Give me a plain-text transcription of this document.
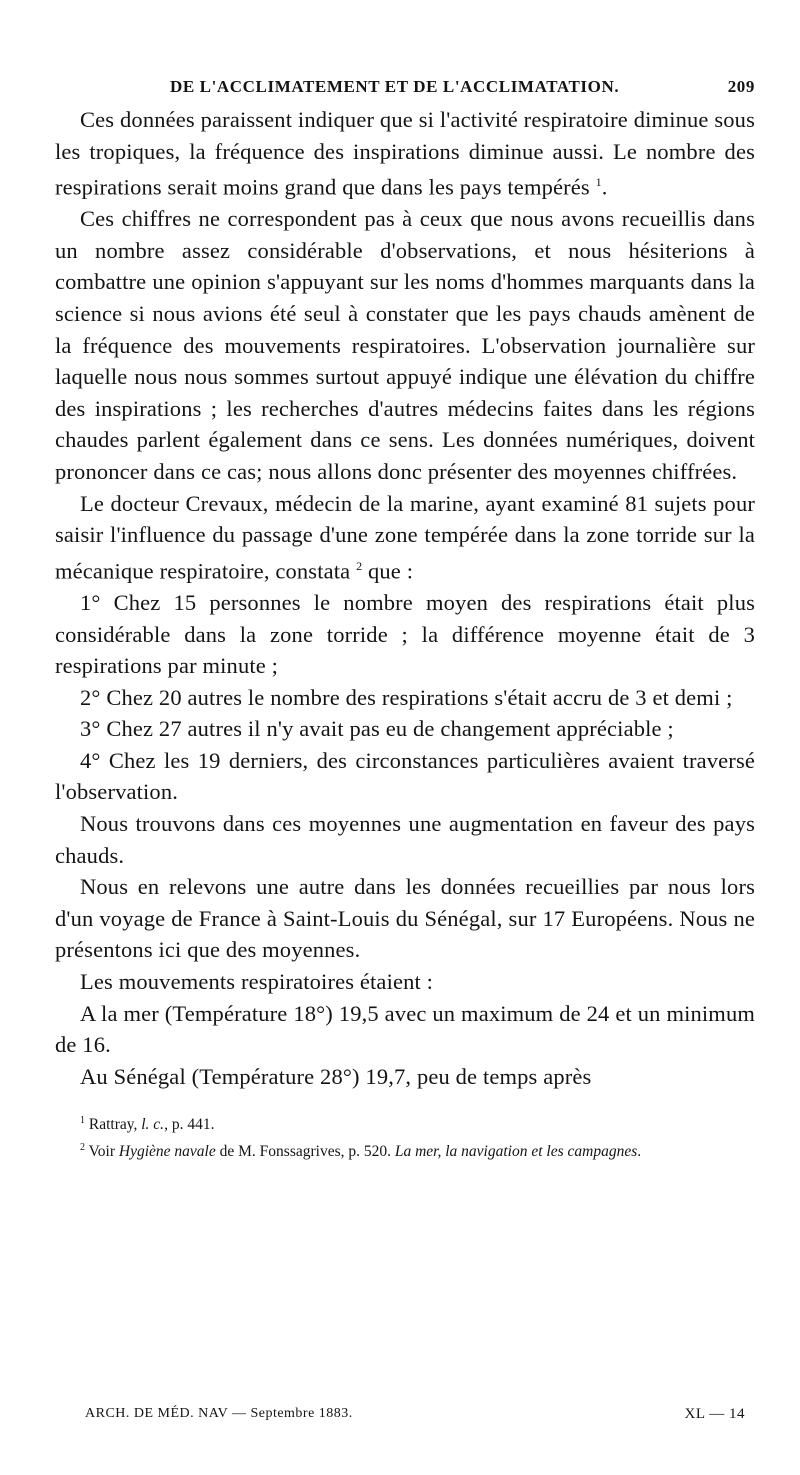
DE L'ACCLIMATEMENT ET DE L'ACCLIMATATION.	209

Ces données paraissent indiquer que si l'activité respiratoire diminue sous les tropiques, la fréquence des inspirations diminue aussi. Le nombre des respirations serait moins grand que dans les pays tempérés $^1$.

Ces chiffres ne correspondent pas à ceux que nous avons recueillis dans un nombre assez considérable d'observations, et nous hésiterions à combattre une opinion s'appuyant sur les noms d'hommes marquants dans la science si nous avions été seul à constater que les pays chauds amènent de la fréquence des mouvements respiratoires. L'observation journalière sur laquelle nous nous sommes surtout appuyé indique une élévation du chiffre des inspirations ; les recherches d'autres médecins faites dans les régions chaudes parlent également dans ce sens. Les données numériques, doivent prononcer dans ce cas; nous allons donc présenter des moyennes chiffrées.

Le docteur Crevaux, médecin de la marine, ayant examiné 81 sujets pour saisir l'influence du passage d'une zone tempérée dans la zone torride sur la mécanique respiratoire, constata $^2$ que :

1° Chez 15 personnes le nombre moyen des respirations était plus considérable dans la zone torride ; la différence moyenne était de 3 respirations par minute ;

2° Chez 20 autres le nombre des respirations s'était accru de 3 et demi ;

3° Chez 27 autres il n'y avait pas eu de changement appréciable ;

4° Chez les 19 derniers, des circonstances particulières avaient traversé l'observation.

Nous trouvons dans ces moyennes une augmentation en faveur des pays chauds.

Nous en relevons une autre dans les données recueillies par nous lors d'un voyage de France à Saint-Louis du Sénégal, sur 17 Européens. Nous ne présentons ici que des moyennes.

Les mouvements respiratoires étaient :

A la mer (Température 18°) 19,5 avec un maximum de 24 et un minimum de 16.

Au Sénégal (Température 28°) 19,7, peu de temps après

$^1$ Rattray, l. c., p. 441.

$^2$ Voir Hygiène navale de M. Fonssagrives, p. 520. La mer, la navigation et les campagnes.

ARCH. DE MÉD. NAV — Septembre 1883.	XL — 14
